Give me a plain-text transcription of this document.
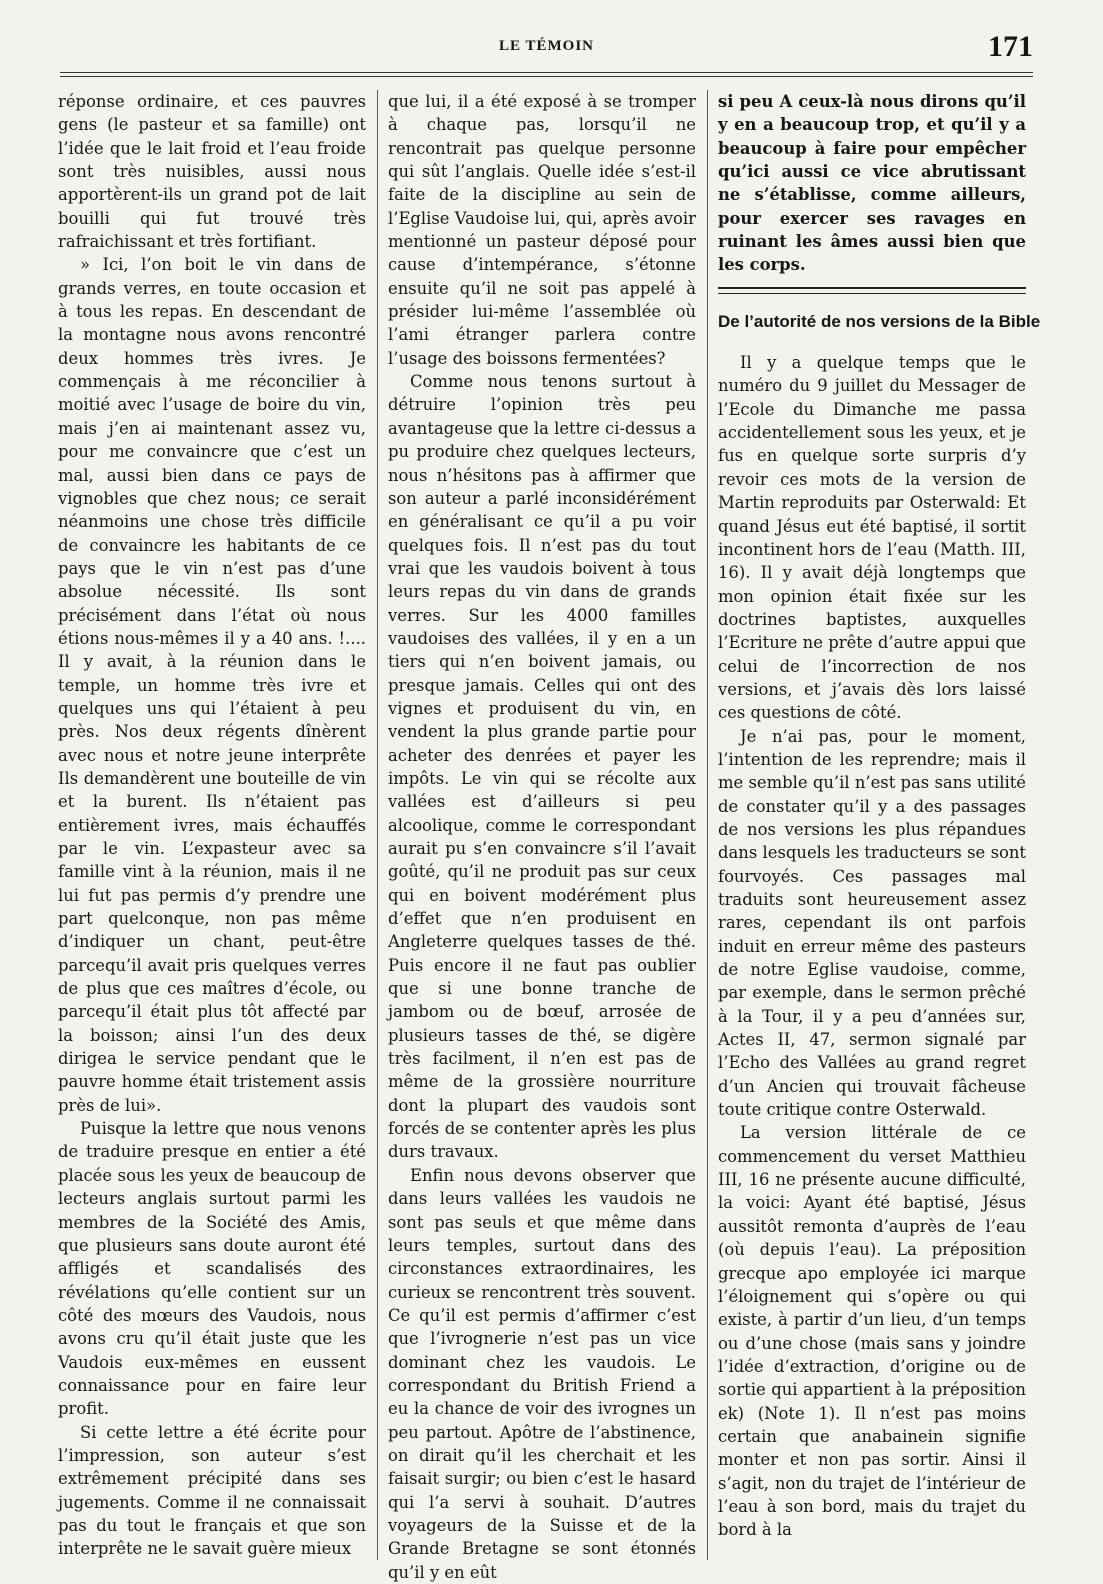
LE TÉMOIN	171

réponse ordinaire, et ces pauvres gens (le pasteur et sa famille) ont l’idée que le lait froid et l’eau froide sont très nuisibles, aussi nous apportèrent-ils un grand pot de lait bouilli qui fut trouvé très rafraichissant et très fortifiant.

» Ici, l’on boit le vin dans de grands verres, en toute occasion et à tous les repas. En descendant de la montagne nous avons rencontré deux hommes très ivres. Je commençais à me réconcilier à moitié avec l’usage de boire du vin, mais j’en ai maintenant assez vu, pour me convaincre que c’est un mal, aussi bien dans ce pays de vignobles que chez nous; ce serait néanmoins une chose très difficile de convaincre les habitants de ce pays que le vin n’est pas d’une absolue nécessité. Ils sont précisément dans l’état où nous étions nous-mêmes il y a 40 ans. !.... Il y avait, à la réunion dans le temple, un homme très ivre et quelques uns qui l’étaient à peu près. Nos deux régents dînèrent avec nous et notre jeune interprête Ils demandèrent une bouteille de vin et la burent. Ils n’étaient pas entièrement ivres, mais échauffés par le vin. L’expasteur avec sa famille vint à la réunion, mais il ne lui fut pas permis d’y prendre une part quelconque, non pas même d’indiquer un chant, peut-être parcequ’il avait pris quelques verres de plus que ces maîtres d’école, ou parcequ’il était plus tôt affecté par la boisson; ainsi l’un des deux dirigea le service pendant que le pauvre homme était tristement assis près de lui».

Puisque la lettre que nous venons de traduire presque en entier a été placée sous les yeux de beaucoup de lecteurs anglais surtout parmi les membres de la Société des Amis, que plusieurs sans doute auront été affligés et scandalisés des révélations qu’elle contient sur un côté des mœurs des Vaudois, nous avons cru qu’il était juste que les Vaudois eux-mêmes en eussent connaissance pour en faire leur profit.

Si cette lettre a été écrite pour l’impression, son auteur s’est extrêmement précipité dans ses jugements. Comme il ne connaissait pas du tout le français et que son interprête ne le savait guère mieux

que lui, il a été exposé à se tromper à chaque pas, lorsqu’il ne rencontrait pas quelque personne qui sût l’anglais. Quelle idée s’est-il faite de la discipline au sein de l’Eglise Vaudoise lui, qui, après avoir mentionné un pasteur déposé pour cause d’intempérance, s’étonne ensuite qu’il ne soit pas appelé à présider lui-même l’assemblée où l’ami étranger parlera contre l’usage des boissons fermentées?

Comme nous tenons surtout à détruire l’opinion très peu avantageuse que la lettre ci-dessus a pu produire chez quelques lecteurs, nous n’hésitons pas à affirmer que son auteur a parlé inconsidérément en généralisant ce qu’il a pu voir quelques fois. Il n’est pas du tout vrai que les vaudois boivent à tous leurs repas du vin dans de grands verres. Sur les 4000 familles vaudoises des vallées, il y en a un tiers qui n’en boivent jamais, ou presque jamais. Celles qui ont des vignes et produisent du vin, en vendent la plus grande partie pour acheter des denrées et payer les impôts. Le vin qui se récolte aux vallées est d’ailleurs si peu alcoolique, comme le correspondant aurait pu s’en convaincre s’il l’avait goûté, qu’il ne produit pas sur ceux qui en boivent modérément plus d’effet que n’en produisent en Angleterre quelques tasses de thé. Puis encore il ne faut pas oublier que si une bonne tranche de jambom ou de bœuf, arrosée de plusieurs tasses de thé, se digère très facilment, il n’en est pas de même de la grossière nourriture dont la plupart des vaudois sont forcés de se contenter après les plus durs travaux.

Enfin nous devons observer que dans leurs vallées les vaudois ne sont pas seuls et que même dans leurs temples, surtout dans des circonstances extraordinaires, les curieux se rencontrent très souvent. Ce qu’il est permis d’affirmer c’est que l’ivrognerie n’est pas un vice dominant chez les vaudois. Le correspondant du British Friend a eu la chance de voir des ivrognes un peu partout. Apôtre de l’abstinence, on dirait qu’il les cherchait et les faisait surgir; ou bien c’est le hasard qui l’a servi à souhait. D’autres voyageurs de la Suisse et de la Grande Bretagne se sont étonnés qu’il y en eût

si peu A ceux-là nous dirons qu’il y en a beaucoup trop, et qu’il y a beaucoup à faire pour empêcher qu’ici aussi ce vice abrutissant ne s’établisse, comme ailleurs, pour exercer ses ravages en ruinant les âmes aussi bien que les corps.

De l’autorité de nos versions de la Bible

Il y a quelque temps que le numéro du 9 juillet du Messager de l’Ecole du Dimanche me passa accidentellement sous les yeux, et je fus en quelque sorte surpris d’y revoir ces mots de la version de Martin reproduits par Osterwald: Et quand Jésus eut été baptisé, il sortit incontinent hors de l’eau (Matth. III, 16). Il y avait déjà longtemps que mon opinion était fixée sur les doctrines baptistes, auxquelles l’Ecriture ne prête d’autre appui que celui de l’incorrection de nos versions, et j’avais dès lors laissé ces questions de côté.

Je n’ai pas, pour le moment, l’intention de les reprendre; mais il me semble qu’il n’est pas sans utilité de constater qu’il y a des passages de nos versions les plus répandues dans lesquels les traducteurs se sont fourvoyés. Ces passages mal traduits sont heureusement assez rares, cependant ils ont parfois induit en erreur même des pasteurs de notre Eglise vaudoise, comme, par exemple, dans le sermon prêché à la Tour, il y a peu d’années sur, Actes II, 47, sermon signalé par l’Echo des Vallées au grand regret d’un Ancien qui trouvait fâcheuse toute critique contre Osterwald.

La version littérale de ce commencement du verset Matthieu III, 16 ne présente aucune difficulté, la voici: Ayant été baptisé, Jésus aussitôt remonta d’auprès de l’eau (où depuis l’eau). La préposition grecque apo employée ici marque l’éloignement qui s’opère ou qui existe, à partir d’un lieu, d’un temps ou d’une chose (mais sans y joindre l’idée d’extraction, d’origine ou de sortie qui appartient à la préposition ek) (Note 1). Il n’est pas moins certain que anabainein signifie monter et non pas sortir. Ainsi il s’agit, non du trajet de l’intérieur de l’eau à son bord, mais du trajet du bord à la
